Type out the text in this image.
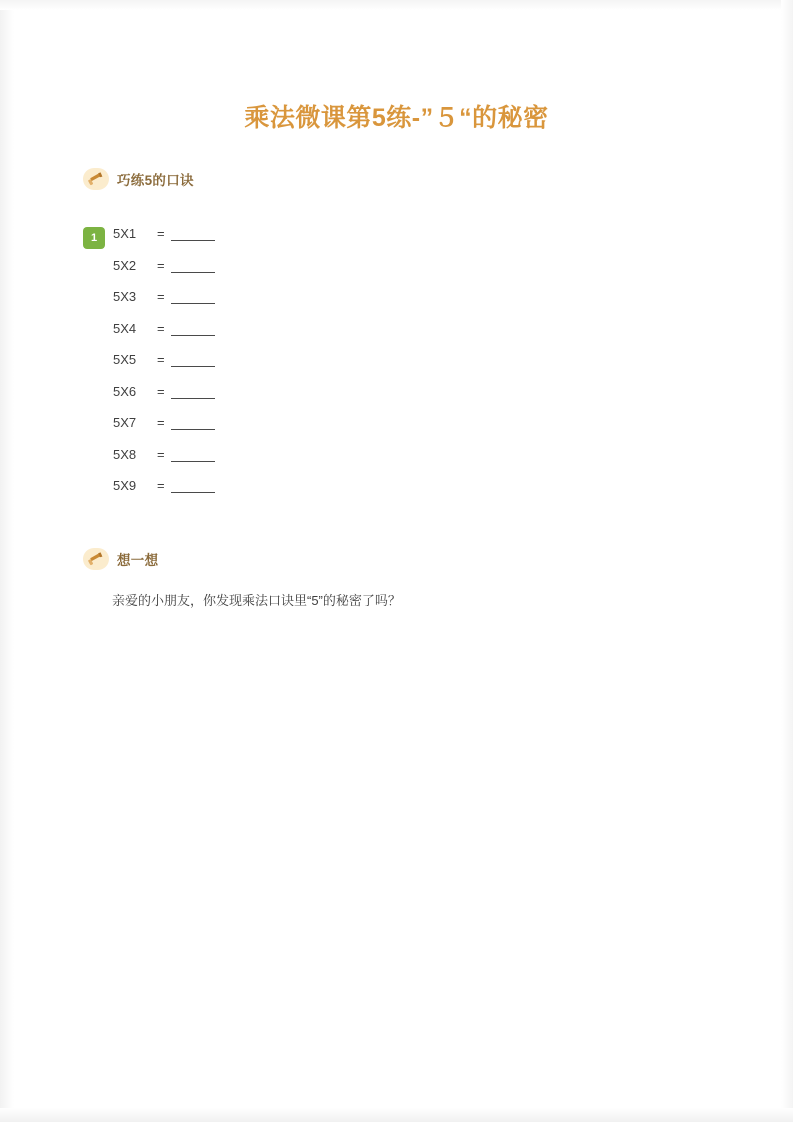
乘法微课第5练-”５“的秘密
巧练5的口诀
1	5X1	=
5X2	=
5X3	=
5X4	=
5X5	=
5X6	=
5X7	=
5X8	=
5X9	=
想一想
亲爱的小朋友，你发现乘法口诀里“5”的秘密了吗？
